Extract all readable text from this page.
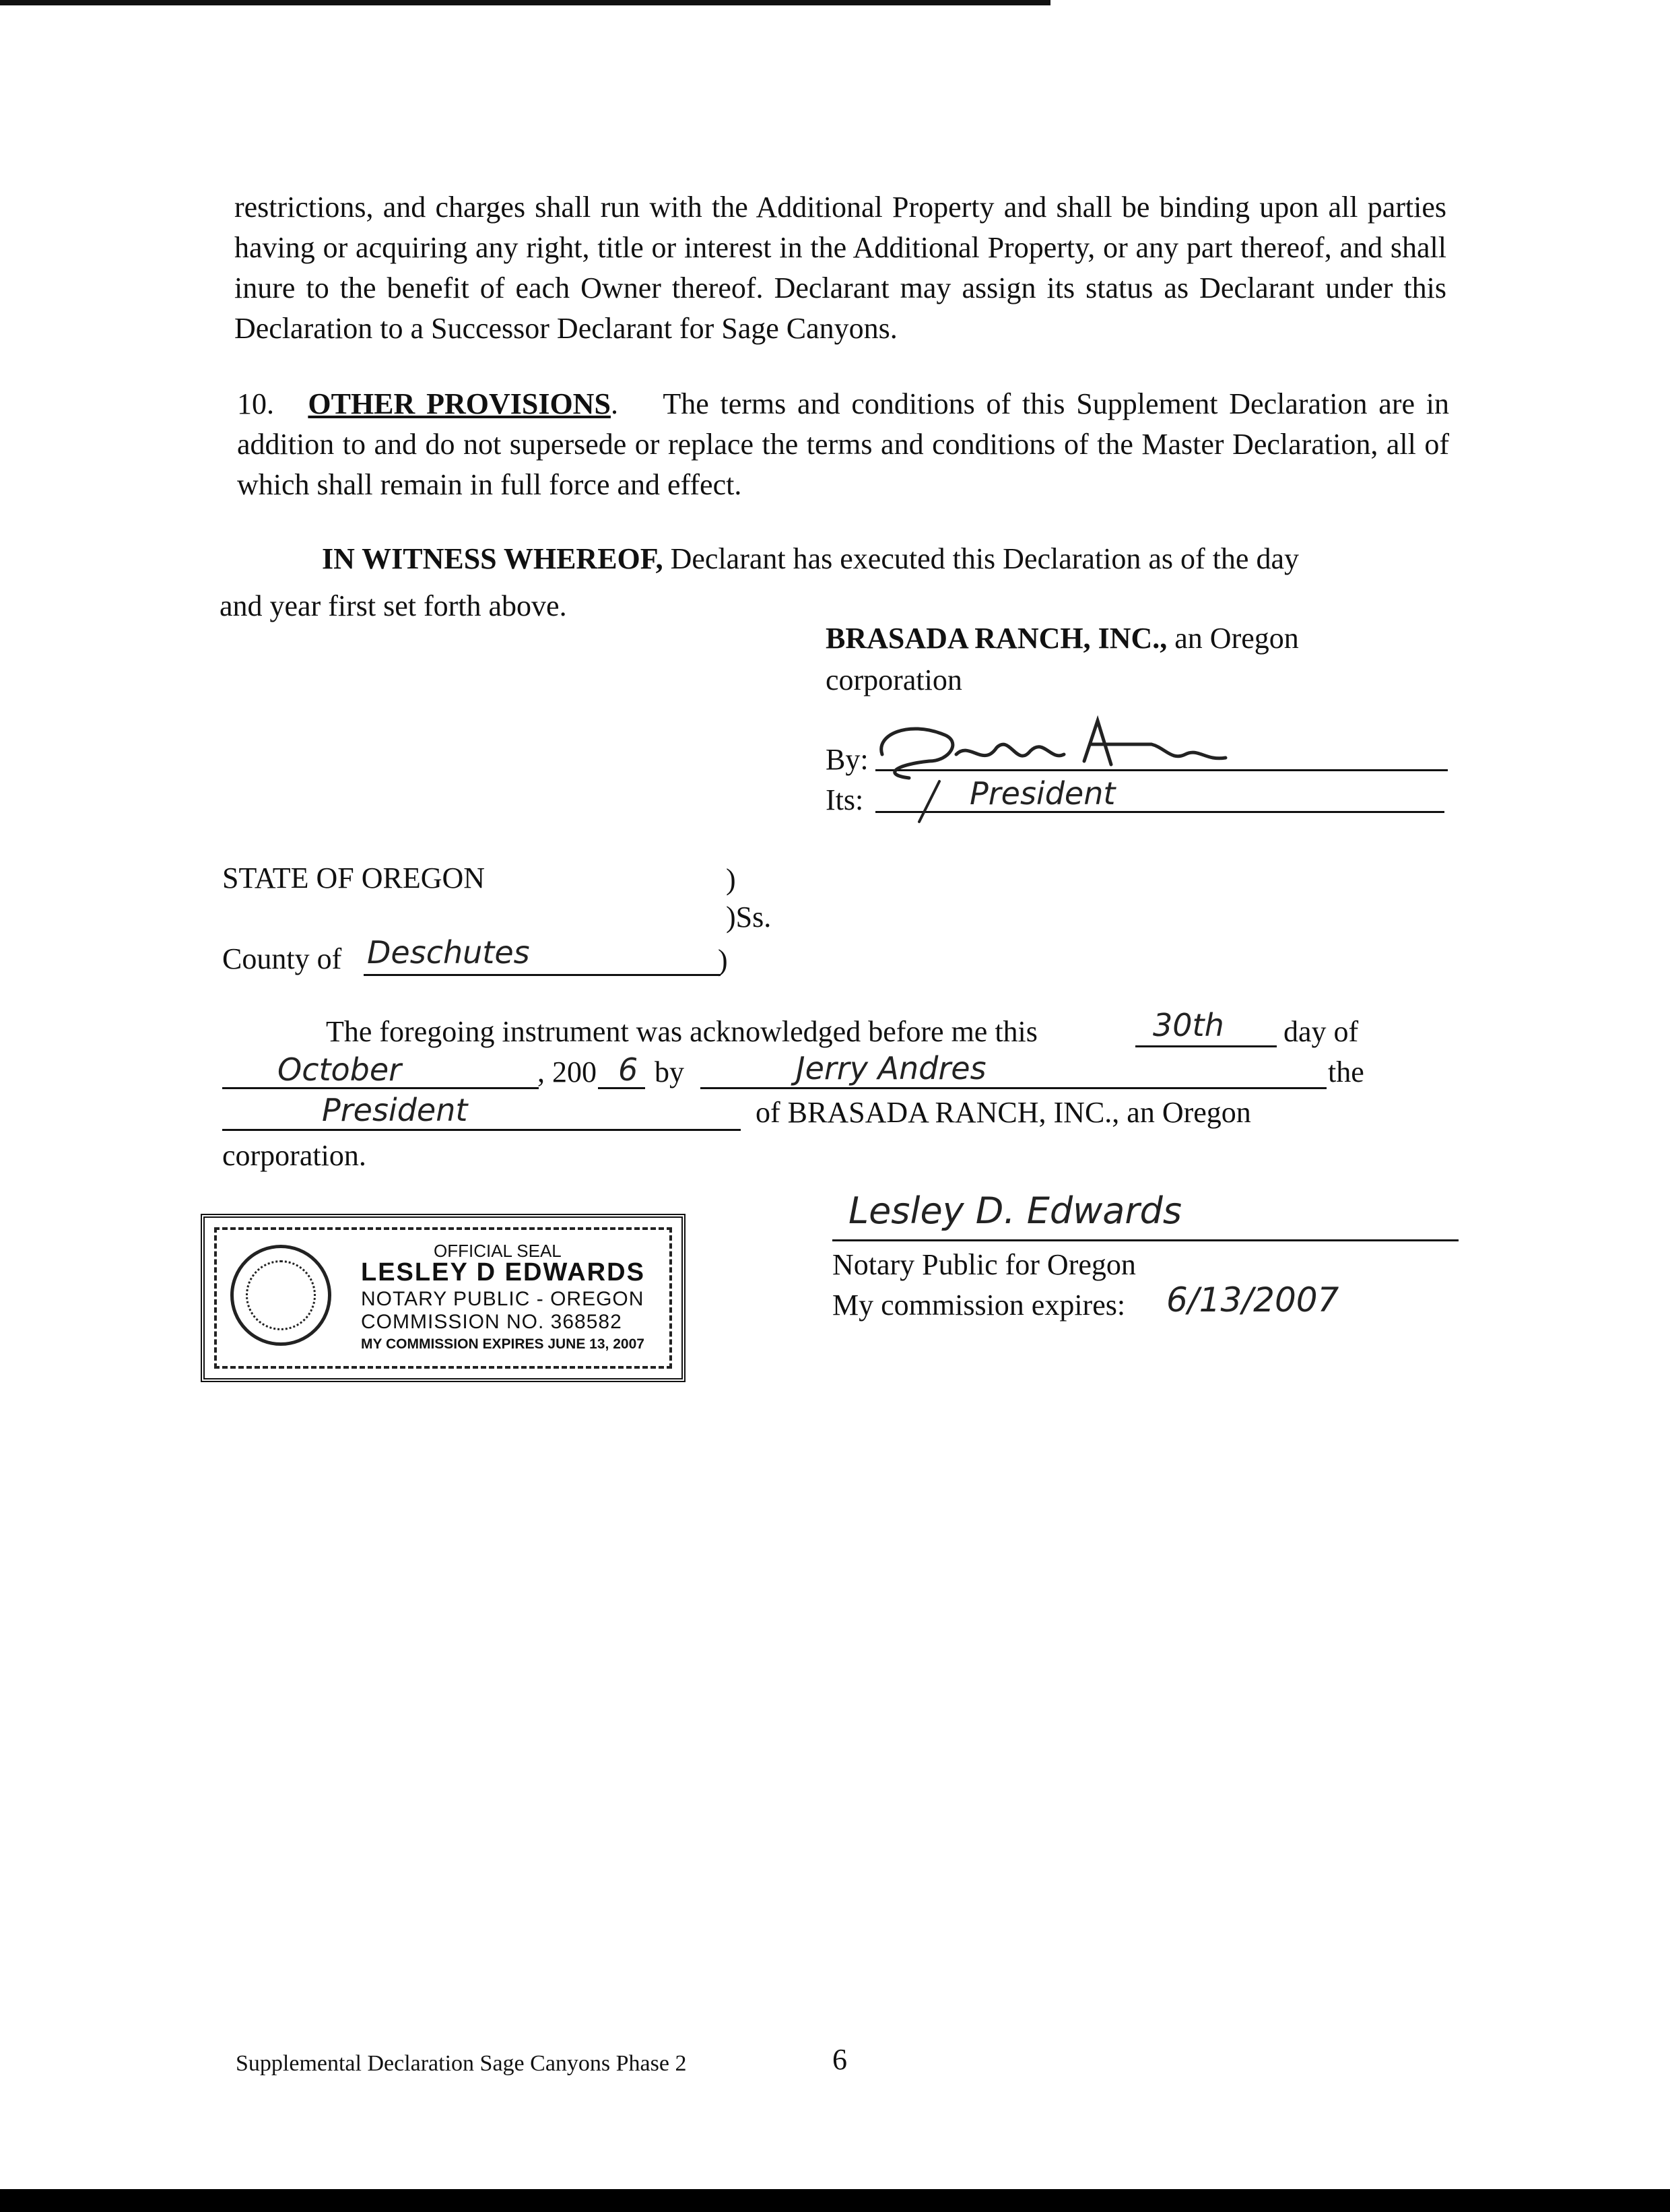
restrictions, and charges shall run with the Additional Property and shall be binding upon all parties having or acquiring any right, title or interest in the Additional Property, or any part thereof, and shall inure to the benefit of each Owner thereof. Declarant may assign its status as Declarant under this Declaration to a Successor Declarant for Sage Canyons.
10. OTHER PROVISIONS.    The terms and conditions of this Supplement Declaration are in addition to and do not supersede or replace the terms and conditions of the Master Declaration, all of which shall remain in full force and effect.
IN WITNESS WHEREOF, Declarant has executed this Declaration as of the day
and year first set forth above.
BRASADA RANCH, INC., an Oregon
corporation
By:
Its:	President
STATE OF OREGON	)
)Ss.
County of Deschutes	)
The foregoing instrument was acknowledged before me this	30th day of
October	, 200 6 by	Jerry Andres	the
President	of BRASADA RANCH, INC., an Oregon
corporation.
Lesley D. Edwards
Notary Public for Oregon
My commission expires: 6/13/2007
OFFICIAL SEAL
LESLEY D EDWARDS
NOTARY PUBLIC - OREGON
COMMISSION NO. 368582
MY COMMISSION EXPIRES JUNE 13, 2007
Supplemental Declaration Sage Canyons Phase 2	6
